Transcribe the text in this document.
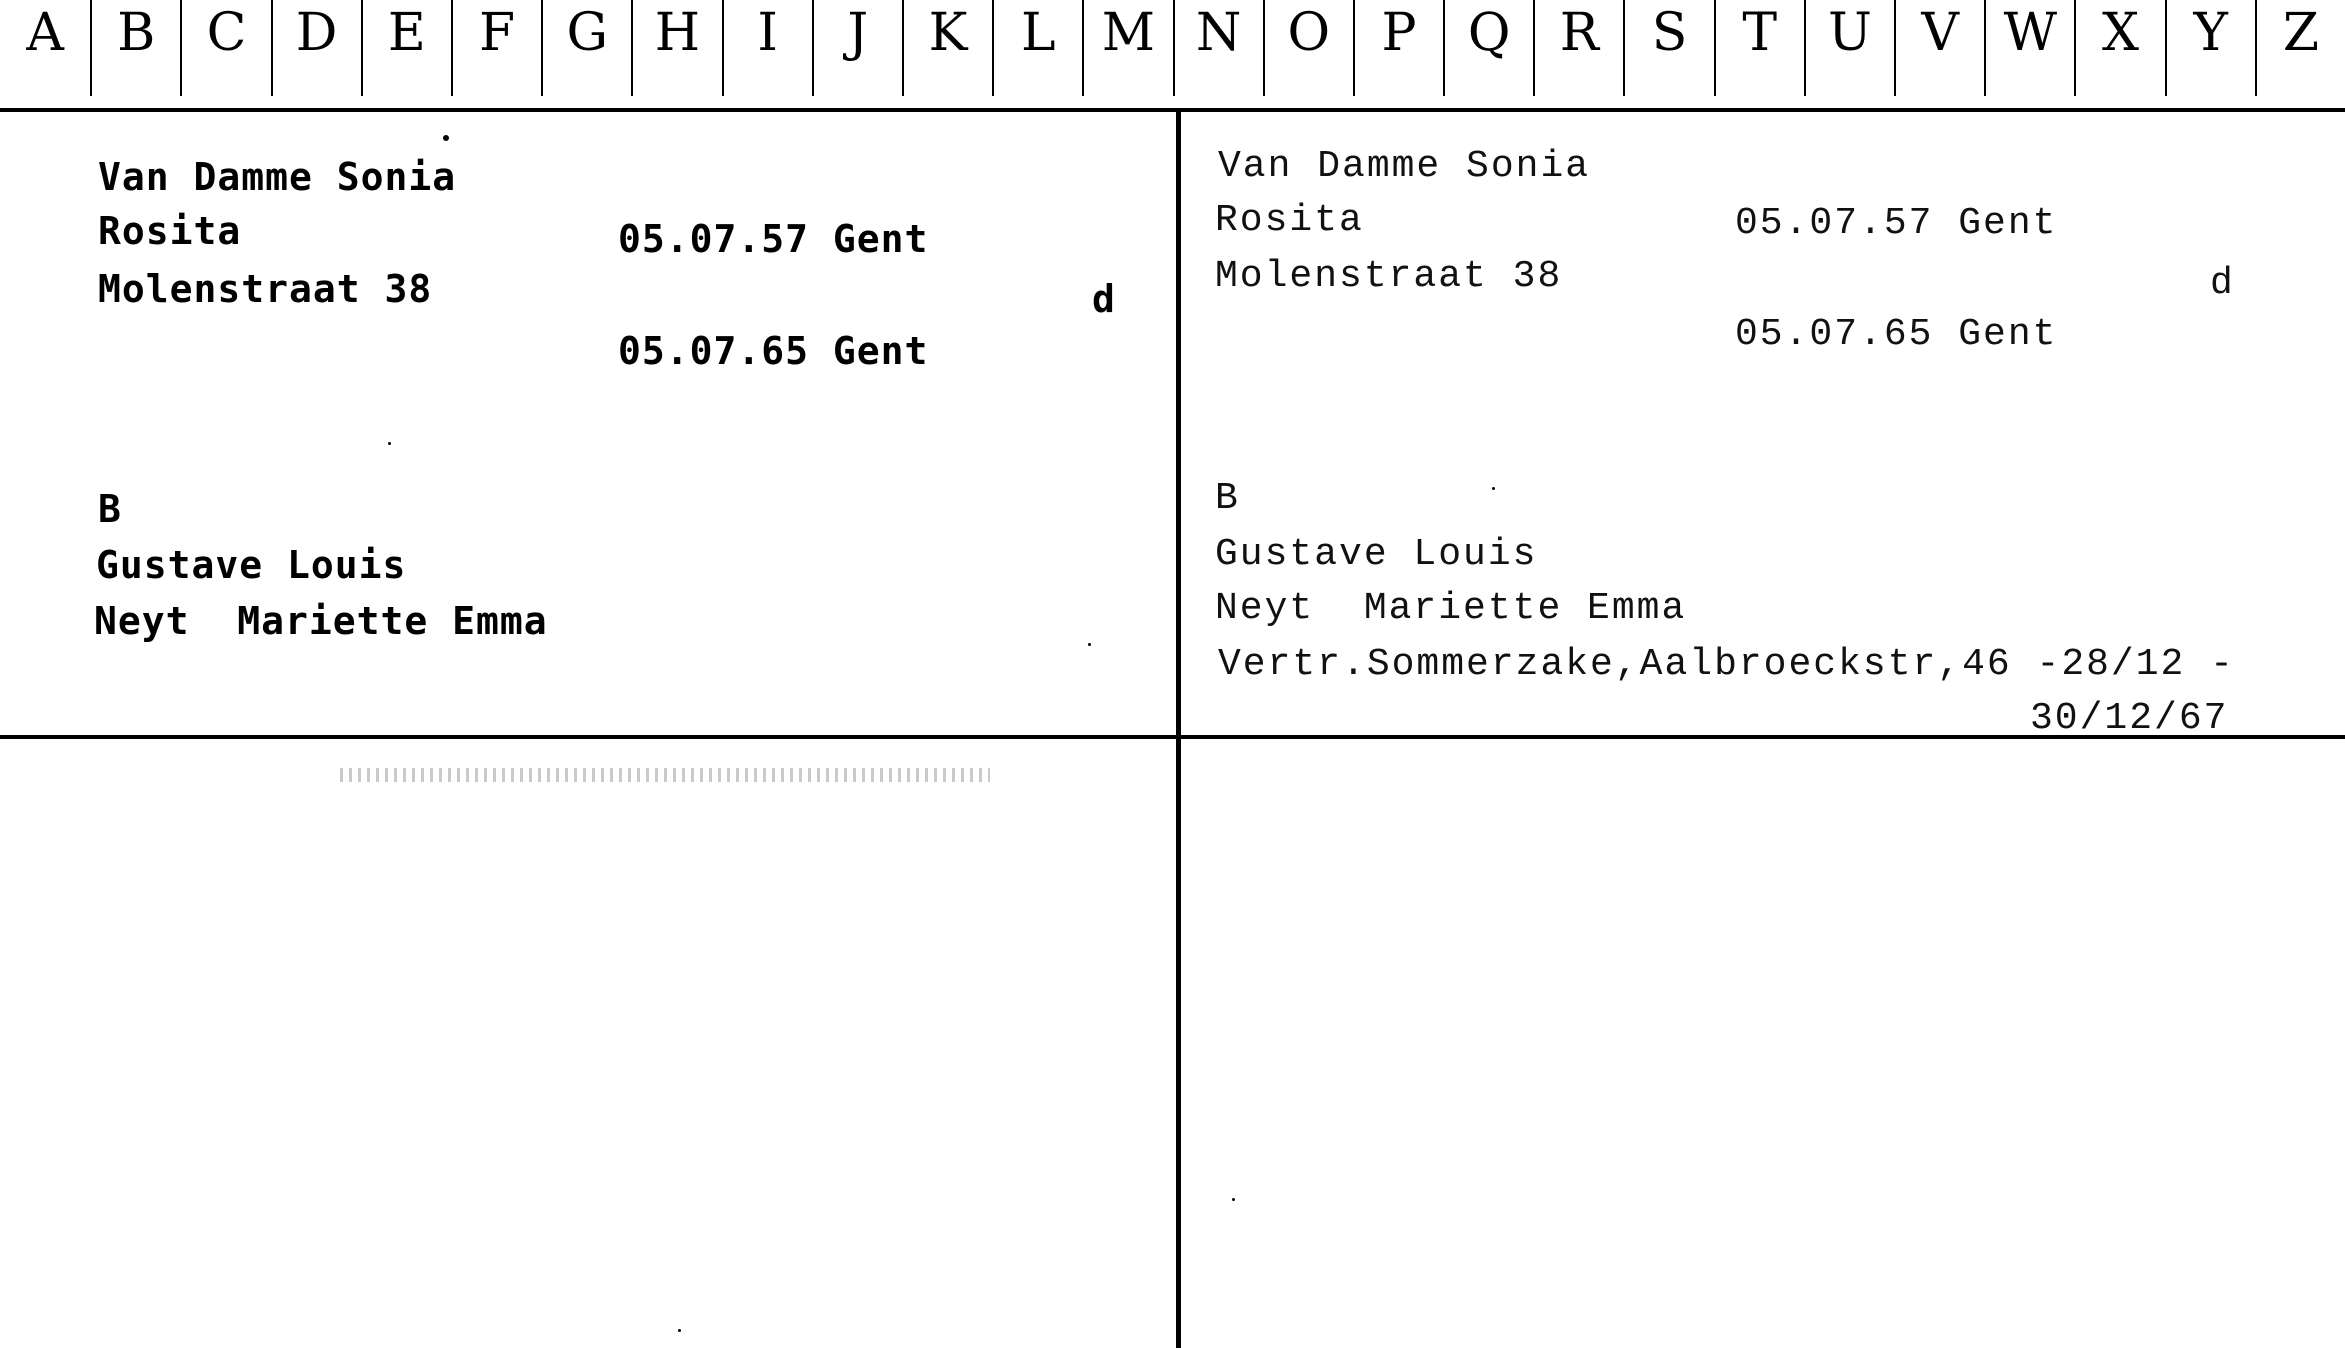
A	B C D E	F G H	I	J	K	L M N O P Q R	S	T U V W X	Y	Z
Van Damme Sonia
Rosita	05.07.57 Gent
Molenstraat 38	d
05.07.65 Gent
B
Gustave Louis
Neyt  Mariette Emma
Van Damme Sonia
Rosita	05.07.57 Gent
Molenstraat 38	d
05.07.65 Gent
B
Gustave Louis
Neyt  Mariette Emma
Vertr.Sommerzake,Aalbroeckstr,46 -28/12 -
30/12/67
